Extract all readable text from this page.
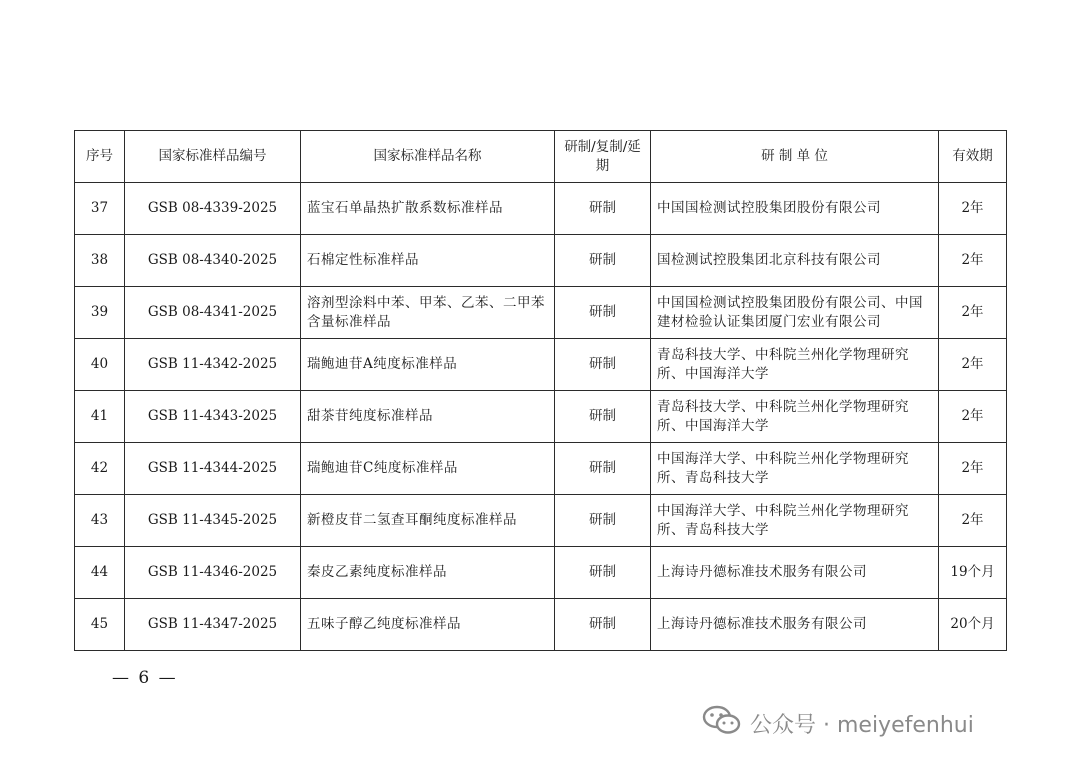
序号	国家标准样品编号	国家标准样品名称	研制/复制/延期	研 制 单 位	有效期
37	GSB 08-4339-2025	蓝宝石单晶热扩散系数标准样品	研制	中国国检测试控股集团股份有限公司	2年
38	GSB 08-4340-2025	石棉定性标准样品	研制	国检测试控股集团北京科技有限公司	2年
39	GSB 08-4341-2025	溶剂型涂料中苯、甲苯、乙苯、二甲苯含量标准样品	研制	中国国检测试控股集团股份有限公司、中国建材检验认证集团厦门宏业有限公司	2年
40	GSB 11-4342-2025	瑞鲍迪苷A纯度标准样品	研制	青岛科技大学、中科院兰州化学物理研究所、中国海洋大学	2年
41	GSB 11-4343-2025	甜茶苷纯度标准样品	研制	青岛科技大学、中科院兰州化学物理研究所、中国海洋大学	2年
42	GSB 11-4344-2025	瑞鲍迪苷C纯度标准样品	研制	中国海洋大学、中科院兰州化学物理研究所、青岛科技大学	2年
43	GSB 11-4345-2025	新橙皮苷二氢查耳酮纯度标准样品	研制	中国海洋大学、中科院兰州化学物理研究所、青岛科技大学	2年
44	GSB 11-4346-2025	秦皮乙素纯度标准样品	研制	上海诗丹德标准技术服务有限公司	19个月
45	GSB 11-4347-2025	五味子醇乙纯度标准样品	研制	上海诗丹德标准技术服务有限公司	20个月
— 6 —
公众号 · meiyefenhui
